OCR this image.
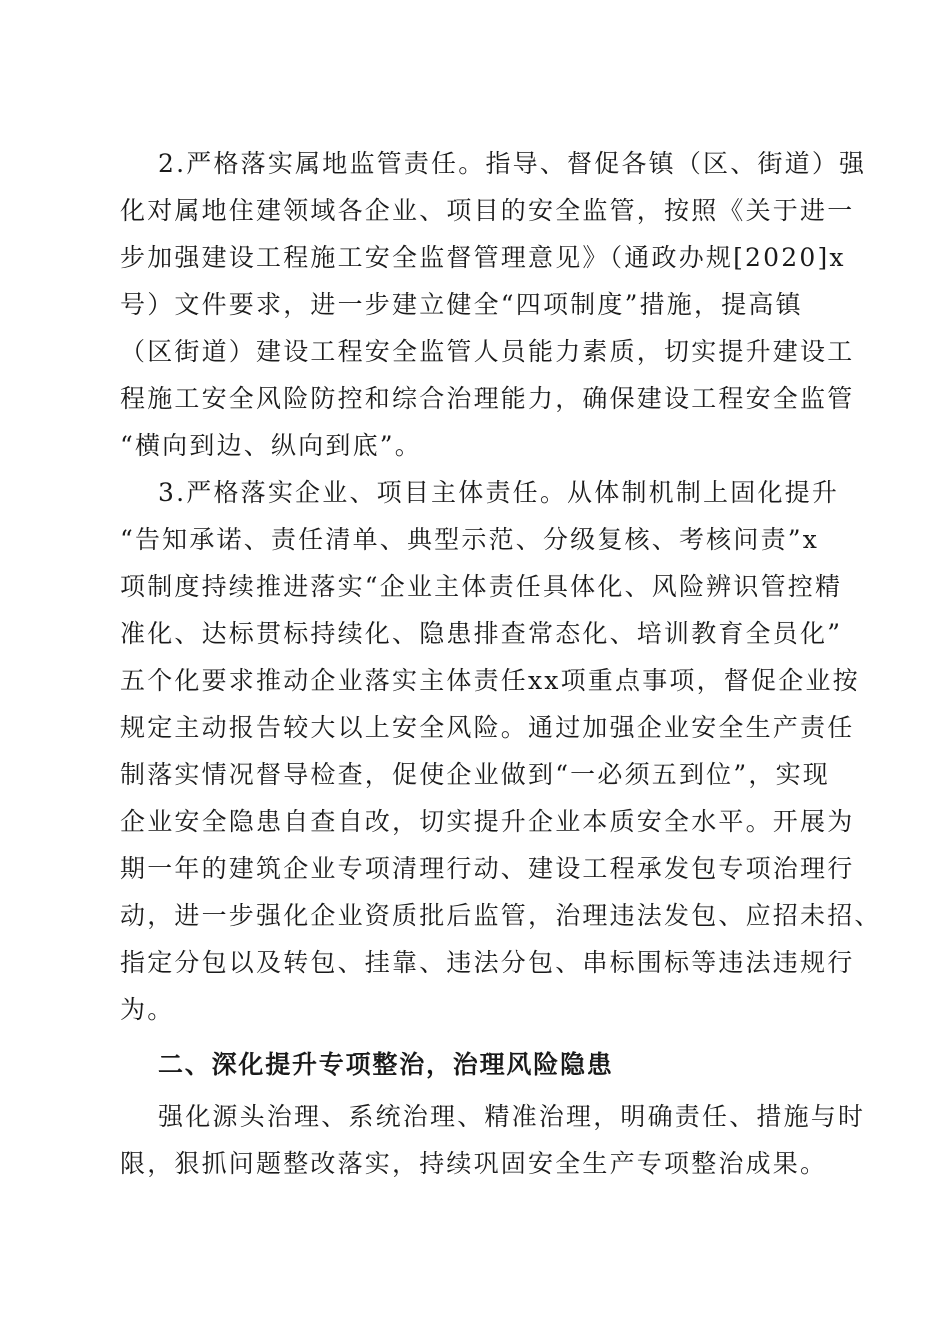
2.严格落实属地监管责任。指导、督促各镇（区、街道）强
化对属地住建领域各企业、项目的安全监管，按照《关于进一
步加强建设工程施工安全监督管理意见》（通政办规[2020]x
号）文件要求，进一步建立健全“四项制度”措施，提高镇
（区街道）建设工程安全监管人员能力素质，切实提升建设工
程施工安全风险防控和综合治理能力，确保建设工程安全监管
“横向到边、纵向到底”。
3.严格落实企业、项目主体责任。从体制机制上固化提升
“告知承诺、责任清单、典型示范、分级复核、考核问责”x
项制度持续推进落实“企业主体责任具体化、风险辨识管控精
准化、达标贯标持续化、隐患排查常态化、培训教育全员化”
五个化要求推动企业落实主体责任xx项重点事项，督促企业按
规定主动报告较大以上安全风险。通过加强企业安全生产责任
制落实情况督导检查，促使企业做到“一必须五到位”，实现
企业安全隐患自查自改，切实提升企业本质安全水平。开展为
期一年的建筑企业专项清理行动、建设工程承发包专项治理行
动，进一步强化企业资质批后监管，治理违法发包、应招未招、
指定分包以及转包、挂靠、违法分包、串标围标等违法违规行
为。
二、深化提升专项整治，治理风险隐患
强化源头治理、系统治理、精准治理，明确责任、措施与时
限，狠抓问题整改落实，持续巩固安全生产专项整治成果。
